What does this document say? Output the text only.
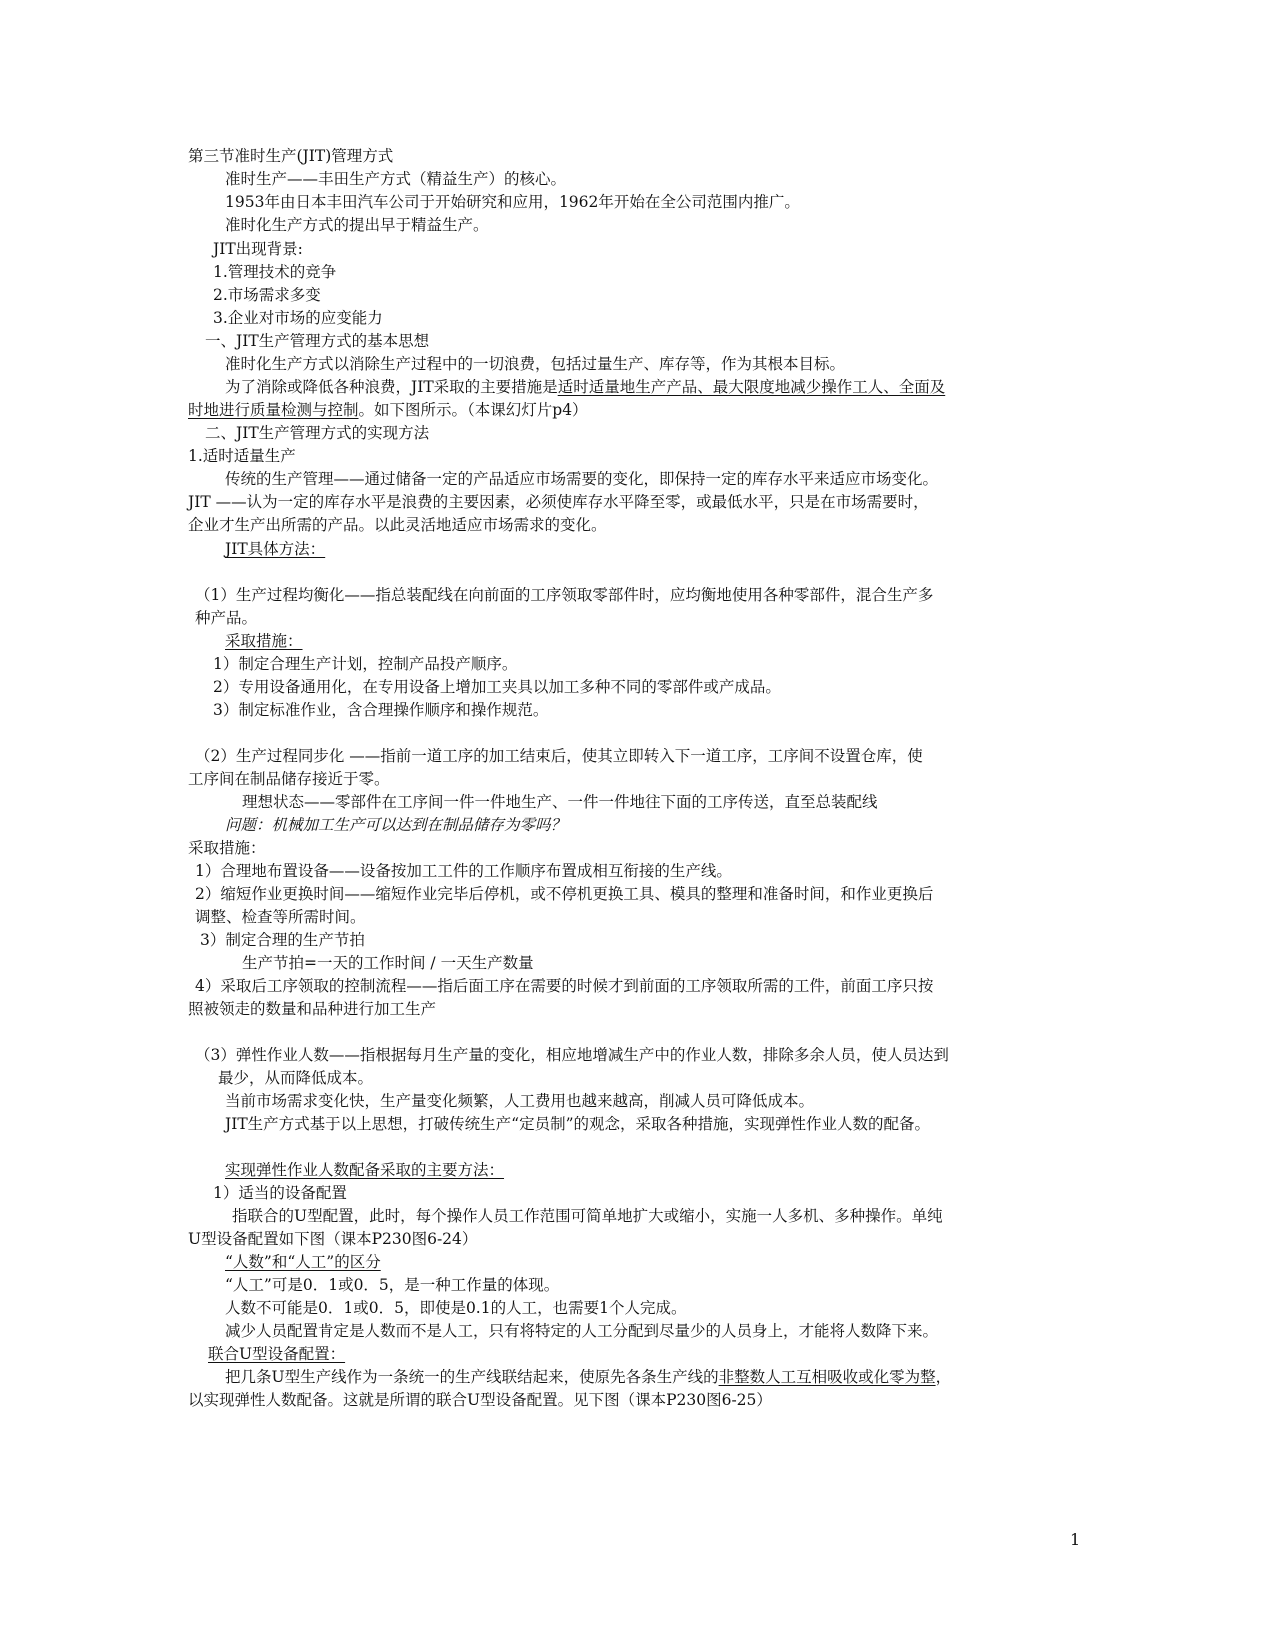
第三节准时生产(JIT)管理方式
准时生产——丰田生产方式（精益生产）的核心。
1953年由日本丰田汽车公司于开始研究和应用，1962年开始在全公司范围内推广。
准时化生产方式的提出早于精益生产。
JIT出现背景:
1.管理技术的竞争
2.市场需求多变
3.企业对市场的应变能力
一、JIT生产管理方式的基本思想
准时化生产方式以消除生产过程中的一切浪费，包括过量生产、库存等，作为其根本目标。
为了消除或降低各种浪费，JIT采取的主要措施是适时适量地生产产品、最大限度地减少操作工人、全面及
时地进行质量检测与控制。如下图所示。（本课幻灯片p4）
二、JIT生产管理方式的实现方法
1.适时适量生产
传统的生产管理——通过储备一定的产品适应市场需要的变化，即保持一定的库存水平来适应市场变化。
JIT ——认为一定的库存水平是浪费的主要因素，必须使库存水平降至零，或最低水平，只是在市场需要时，
企业才生产出所需的产品。以此灵活地适应市场需求的变化。
JIT具体方法：
（1）生产过程均衡化——指总装配线在向前面的工序领取零部件时，应均衡地使用各种零部件，混合生产多
种产品。
采取措施：
1）制定合理生产计划，控制产品投产顺序。
2）专用设备通用化，在专用设备上增加工夹具以加工多种不同的零部件或产成品。
3）制定标准作业，含合理操作顺序和操作规范。
（2）生产过程同步化 ——指前一道工序的加工结束后，使其立即转入下一道工序，工序间不设置仓库，使
工序间在制品储存接近于零。
理想状态——零部件在工序间一件一件地生产、一件一件地往下面的工序传送，直至总装配线
问题：机械加工生产可以达到在制品储存为零吗？
采取措施：
1）合理地布置设备——设备按加工工件的工作顺序布置成相互衔接的生产线。
2）缩短作业更换时间——缩短作业完毕后停机，或不停机更换工具、模具的整理和准备时间，和作业更换后
调整、检查等所需时间。
3）制定合理的生产节拍
生产节拍=一天的工作时间 / 一天生产数量
4）采取后工序领取的控制流程——指后面工序在需要的时候才到前面的工序领取所需的工件，前面工序只按
照被领走的数量和品种进行加工生产
（3）弹性作业人数——指根据每月生产量的变化，相应地增减生产中的作业人数，排除多余人员，使人员达到
最少，从而降低成本。
当前市场需求变化快，生产量变化频繁，人工费用也越来越高，削减人员可降低成本。
JIT生产方式基于以上思想，打破传统生产“定员制”的观念，采取各种措施，实现弹性作业人数的配备。
实现弹性作业人数配备采取的主要方法：
1）适当的设备配置
指联合的U型配置，此时，每个操作人员工作范围可简单地扩大或缩小，实施一人多机、多种操作。单纯
U型设备配置如下图（课本P230图6-24）
“人数”和“人工”的区分
“人工”可是0．1或0．5，是一种工作量的体现。
人数不可能是0．1或0．5，即使是0.1的人工，也需要1个人完成。
减少人员配置肯定是人数而不是人工，只有将特定的人工分配到尽量少的人员身上，才能将人数降下来。
联合U型设备配置：
把几条U型生产线作为一条统一的生产线联结起来，使原先各条生产线的非整数人工互相吸收或化零为整，
以实现弹性人数配备。这就是所谓的联合U型设备配置。见下图（课本P230图6-25）
1
